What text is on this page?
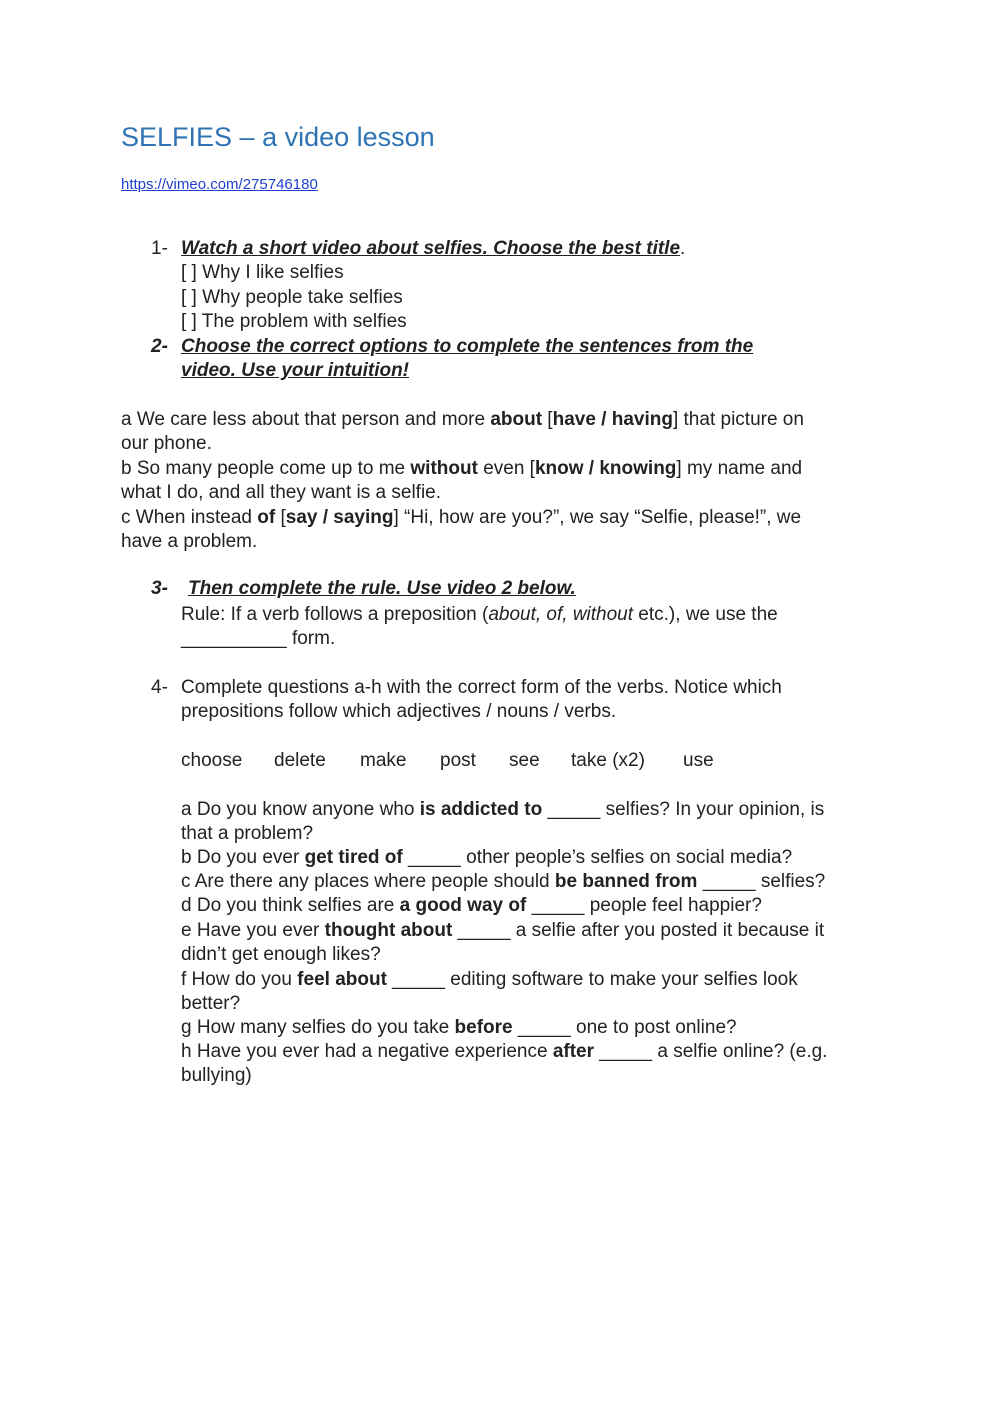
SELFIES – a video lesson
https://vimeo.com/275746180
1- Watch a short video about selfies. Choose the best title.
[ ] Why I like selfies
[ ] Why people take selfies
[ ] The problem with selfies
2- Choose the correct options to complete the sentences from the
video. Use your intuition!
a We care less about that person and more about [have / having] that picture on
our phone.
b So many people come up to me without even [know / knowing] my name and
what I do, and all they want is a selfie.
c When instead of [say / saying] “Hi, how are you?”, we say “Selfie, please!”, we
have a problem.
3- Then complete the rule. Use video 2 below.
Rule: If a verb follows a preposition (about, of, without etc.), we use the
__________ form.
4- Complete questions a-h with the correct form of the verbs. Notice which
prepositions follow which adjectives / nouns / verbs.
choose delete make post see take (x2) use
a Do you know anyone who is addicted to _____ selfies? In your opinion, is
that a problem?
b Do you ever get tired of _____ other people’s selfies on social media?
c Are there any places where people should be banned from _____ selfies?
d Do you think selfies are a good way of _____ people feel happier?
e Have you ever thought about _____ a selfie after you posted it because it
didn’t get enough likes?
f How do you feel about _____ editing software to make your selfies look
better?
g How many selfies do you take before _____ one to post online?
h Have you ever had a negative experience after _____ a selfie online? (e.g.
bullying)
